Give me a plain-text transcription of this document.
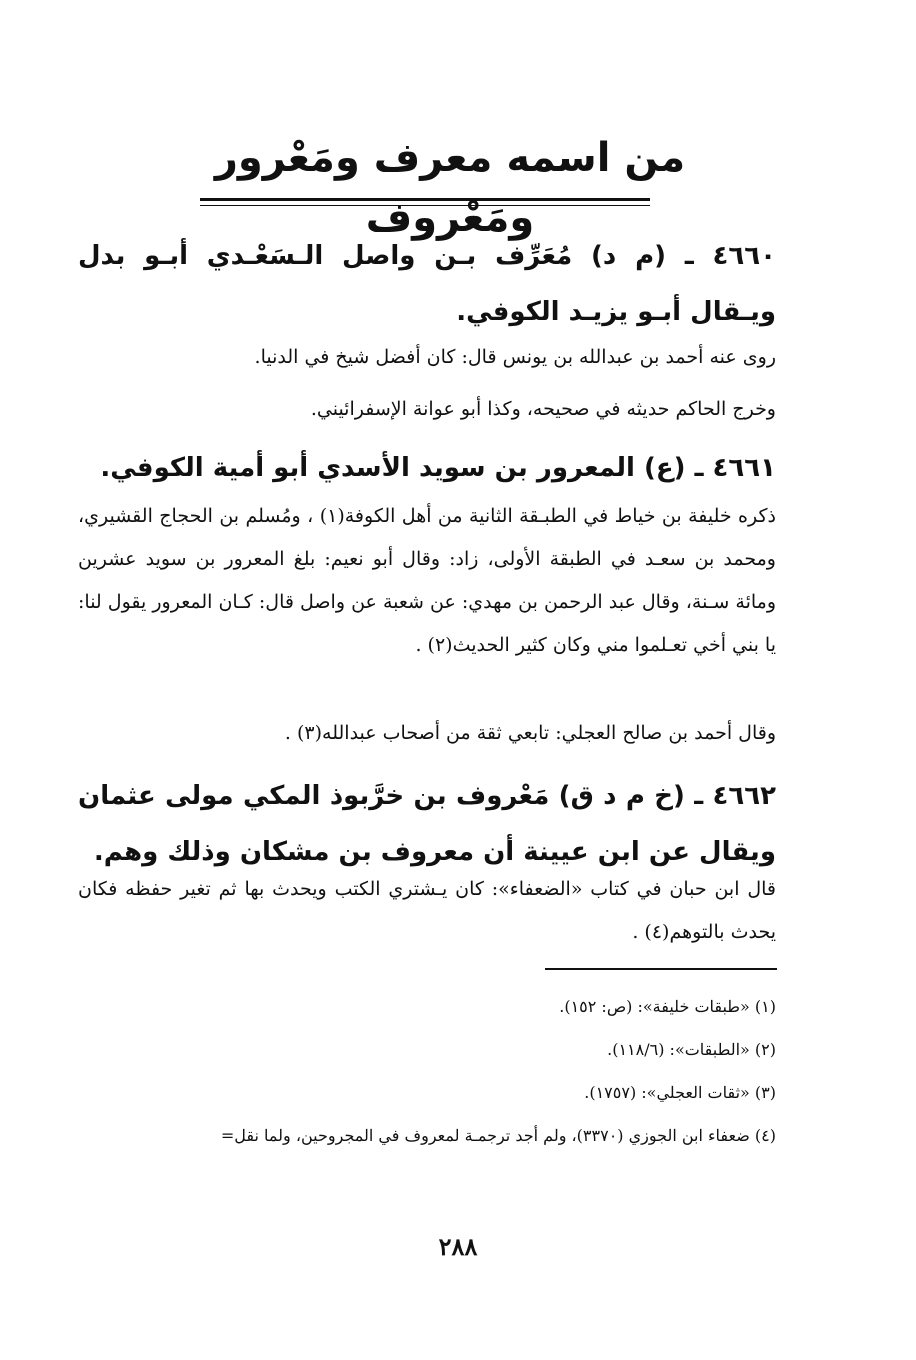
من اسمه معرف ومَعْرور ومَعْروف
٤٦٦٠ ـ (م د) مُعَرِّف بـن واصل الـسَعْـدي أبـو بدل ويـقال أبـو يزيـد الكوفي.
روى عنه أحمد بن عبدالله بن يونس قال: كان أفضل شيخ في الدنيا.
وخرج الحاكم حديثه في صحيحه، وكذا أبو عوانة الإسفرائيني.
٤٦٦١ ـ (ع) المعرور بن سويد الأسدي أبو أمية الكوفي.
ذكره خليفة بن خياط في الطبـقة الثانية من أهل الكوفة(١) ، ومُسلم بن الحجاج القشيري، ومحمد بن سعـد في الطبقة الأولى، زاد: وقال أبو نعيم: بلغ المعرور بن سويد عشرين ومائة سـنة، وقال عبد الرحمن بن مهدي: عن شعبة عن واصل قال: كـان المعرور يقول لنا: يا بني أخي تعـلموا مني وكان كثير الحديث(٢) .
وقال أحمد بن صالح العجلي: تابعي ثقة من أصحاب عبدالله(٣) .
٤٦٦٢ ـ (خ م د ق) مَعْروف بن خرَّبوذ المكي مولى عثمان ويقال عن ابن عيينة أن معروف بن مشكان وذلك وهم.
قال ابن حبان في كتاب «الضعفاء»: كان يـشتري الكتب ويحدث بها ثم تغير حفظه فكان يحدث بالتوهم(٤) .

(١) «طبقات خليفة»: (ص: ١٥٢).

(٢) «الطبقات»: (١١٨/٦).

(٣) «ثقات العجلي»: (١٧٥٧).

(٤) ضعفاء ابن الجوزي (٣٣٧٠)، ولم أجد ترجمـة لمعروف في المجروحين، ولما نقل=

٢٨٨
